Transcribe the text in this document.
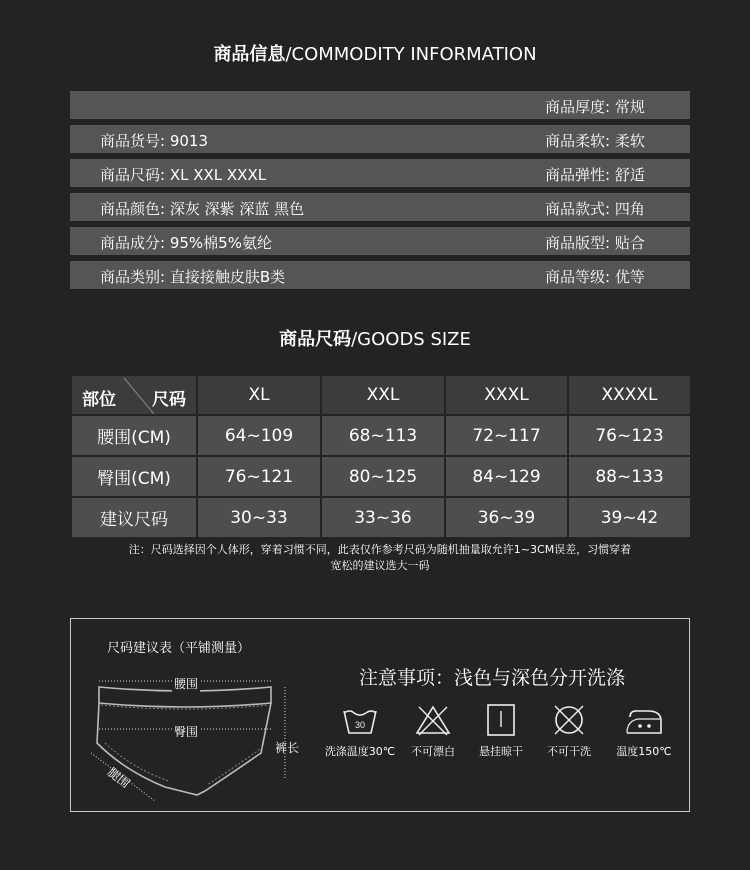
商品信息/COMMODITY INFORMATION
商品厚度: 常规
商品货号: 9013	商品柔软: 柔软
商品尺码: XL XXL XXXL	商品弹性: 舒适
商品颜色: 深灰 深紫 深蓝 黑色	商品款式: 四角
商品成分: 95%棉5%氨纶	商品版型: 贴合
商品类别: 直接接触皮肤B类	商品等级: 优等
商品尺码/GOODS SIZE
部位 尺码	XL	XXL	XXXL	XXXXL
腰围(CM)	64~109	68~113	72~117	76~123
臀围(CM)	76~121	80~125	84~129	88~133
建议尺码	30~33	33~36	36~39	39~42
注：尺码选择因个人体形，穿着习惯不同，此表仅作参考尺码为随机抽量取允许1~3CM误差，习惯穿着
宽松的建议选大一码
尺码建议表（平铺测量）
腰围
臀围
裤长
腿围
注意事项：浅色与深色分开洗涤
30
洗涤温度30℃	不可漂白	悬挂晾干	不可干洗	温度150℃
